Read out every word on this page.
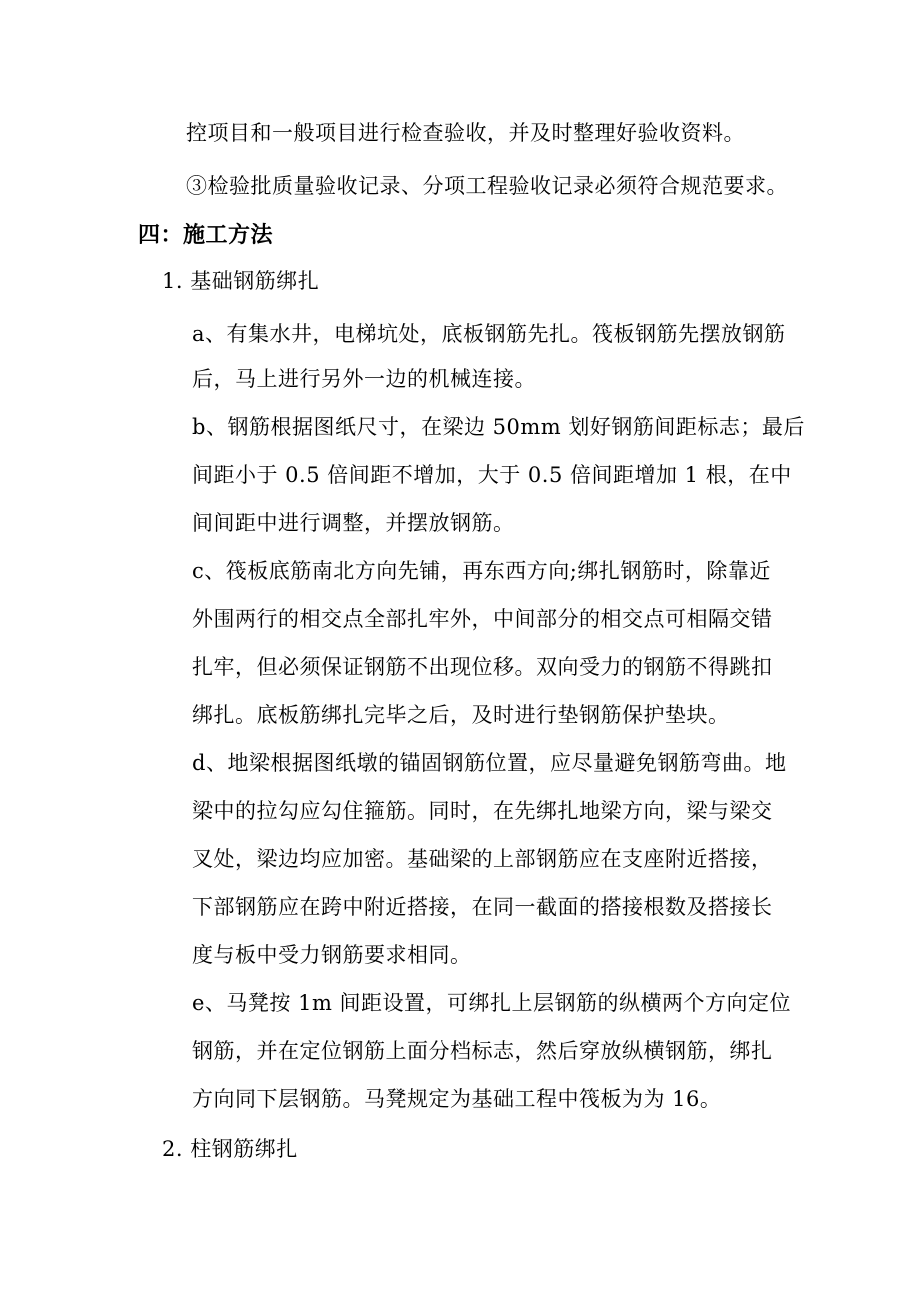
控项目和一般项目进行检查验收，并及时整理好验收资料。
③检验批质量验收记录、分项工程验收记录必须符合规范要求。
四：施工方法
1. 基础钢筋绑扎
a、有集水井，电梯坑处，底板钢筋先扎。筏板钢筋先摆放钢筋
后，马上进行另外一边的机械连接。
b、钢筋根据图纸尺寸，在梁边 50mm 划好钢筋间距标志；最后
间距小于 0.5 倍间距不增加，大于 0.5 倍间距增加 1 根，在中
间间距中进行调整，并摆放钢筋。
c、筏板底筋南北方向先铺，再东西方向;绑扎钢筋时，除靠近
外围两行的相交点全部扎牢外，中间部分的相交点可相隔交错
扎牢，但必须保证钢筋不出现位移。双向受力的钢筋不得跳扣
绑扎。底板筋绑扎完毕之后，及时进行垫钢筋保护垫块。
d、地梁根据图纸墩的锚固钢筋位置，应尽量避免钢筋弯曲。地
梁中的拉勾应勾住箍筋。同时，在先绑扎地梁方向，梁与梁交
叉处，梁边均应加密。基础梁的上部钢筋应在支座附近搭接，
下部钢筋应在跨中附近搭接，在同一截面的搭接根数及搭接长
度与板中受力钢筋要求相同。
e、马凳按 1m 间距设置，可绑扎上层钢筋的纵横两个方向定位
钢筋，并在定位钢筋上面分档标志，然后穿放纵横钢筋，绑扎
方向同下层钢筋。马凳规定为基础工程中筏板为为 16。
2. 柱钢筋绑扎
